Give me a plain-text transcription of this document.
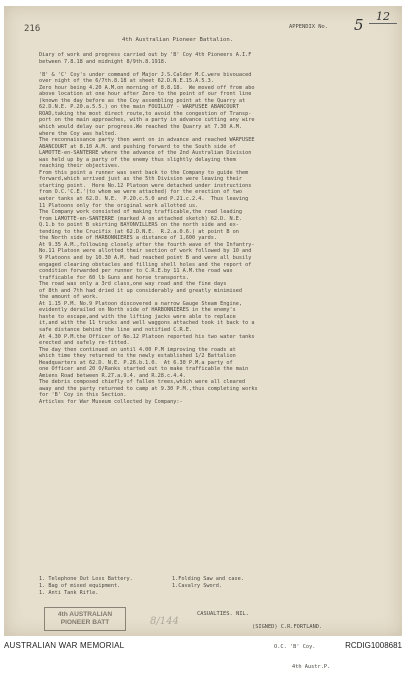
216	APPENDIX No. 5 12
4th Australian Pioneer Battalion.
Diary of work and progress carried out by 'B' Coy 4th Pioneers A.I.F
between 7.8.18 and midnight 8/9th.8.1918.

'B' & 'C' Coy's under command of Major J.S.Calder M.C.were bivouaced
over night of the 6/7th.8.18 at sheet 62.D.N.E.15.A.5.3.
Zero hour being 4.20 A.M.on morning of 8.8.18.  We moved off from abo
above location at one hour after Zero to the point of our front line
(known the day before as the Coy assembling point at the Quarry at
62.D.N.E. P.20.a.5.5.) on the main FOUILLOY - WARFUSEE ABANCOURT
ROAD,taking the most direct route,to avoid the congestion of Transp-
port on the main approaches, with a party in advance cutting any wire
which would delay our progress.We reached the Quarry at 7.30 A.M.
where the Coy was halted.
The reconnaissance party then went on in advance and reached WARFUSEE
ABANCOURT at 8.10 A.M. and pushing forward to the South side of
LAMOTTE-en-SANTERRE where the advance of the 2nd Australian Division
was held up by a party of the enemy thus slightly delaying them
reaching their objectives.
From this point a runner was sent back to the Company to guide them
forward,which arrived just as the 5th Division were leaving their
starting point.  Here No.12 Platoon were detached under instructions
from O.C.'C.E.'(to whom we were attached) for the erection of two
water tanks at 62.D. N.E.  P.20.c.5.0 and P.21.c.2.4.  Thus leaving
11 Platoons only for the original work allotted us.
The Company work consisted of making trafficable,the road leading
from LAMOTTE-en-SANTERRE (marked A on attached sketch) 62.D. N.E.
Q.1.b to point B skirting BAYONVILLERS on the north side and ex-
tending to the Crucifix (at 62.D.N.E.  R.2.a.0.6.) at point B on
the North side of HARBONNIERES a distance of 1,600 yards.
At 9.35 A.M.,following closely after the fourth wave of the Infantry-
No.11 Platoon were allotted their section of work followed by 10 and
9 Platoons and by 10.30 A.M. had reached point B and were all busily
engaged clearing obstacles and filling shell holes and the report of
condition forwarded per runner to C.R.E.by 11 A.M.the road was
trafficable for 60 lb Guns and horse transports.
The road was only a 3rd class,one way road and the fine days
of 8th and 7th had dried it up considerably and greatly minimised
the amount of work.
At 1.15 P.M. No.9 Platoon discovered a narrow Gauge Steam Engine,
evidently derailed on North side of HARBONNIERES in the enemy's
haste to escape,and with the lifting jacks were able to replace
it,and with the 11 trucks and well waggons attached took it back to a
safe distance behind the line and notified C.R.E.
At 4.30 P.M.the Officer of No.12 Platoon reported his two water tanks
erected and safely re-fitted.
The day then continued on until 4.00 P.M improving the roads at
which time they returned to the newly established 1/2 Battalion
Headquarters at 62.D. N.E. P.26.b.1.0.  At 6.30 P.M.a party of
one Officer and 20 O/Ranks started out to make trafficable the main
Amiens Road between R.27.a.9.4. and R.28.c.4.4.
The debris composed chiefly of fallen trees,which were all cleared
away and the party returned to camp at 9.30 P.M.,thus completing works
for 'B' Coy in this Section.
Articles for War Museum collected by Company:-
1. Telephone Out Loss Battery.
1. Bag of mixed equipment.
1. Anti Tank Rifle.
1.Folding Saw and case.
1.Cavalry Sword.
4th AUSTRALIAN
PIONEER BATT	8/144
CASUALTIES. NIL.

(SIGNED) C.R.FORTLAND.

O.C. 'B' Coy.

4th Austr.P.

AUSTRALIAN WAR MEMORIAL	RCDIG1008681
